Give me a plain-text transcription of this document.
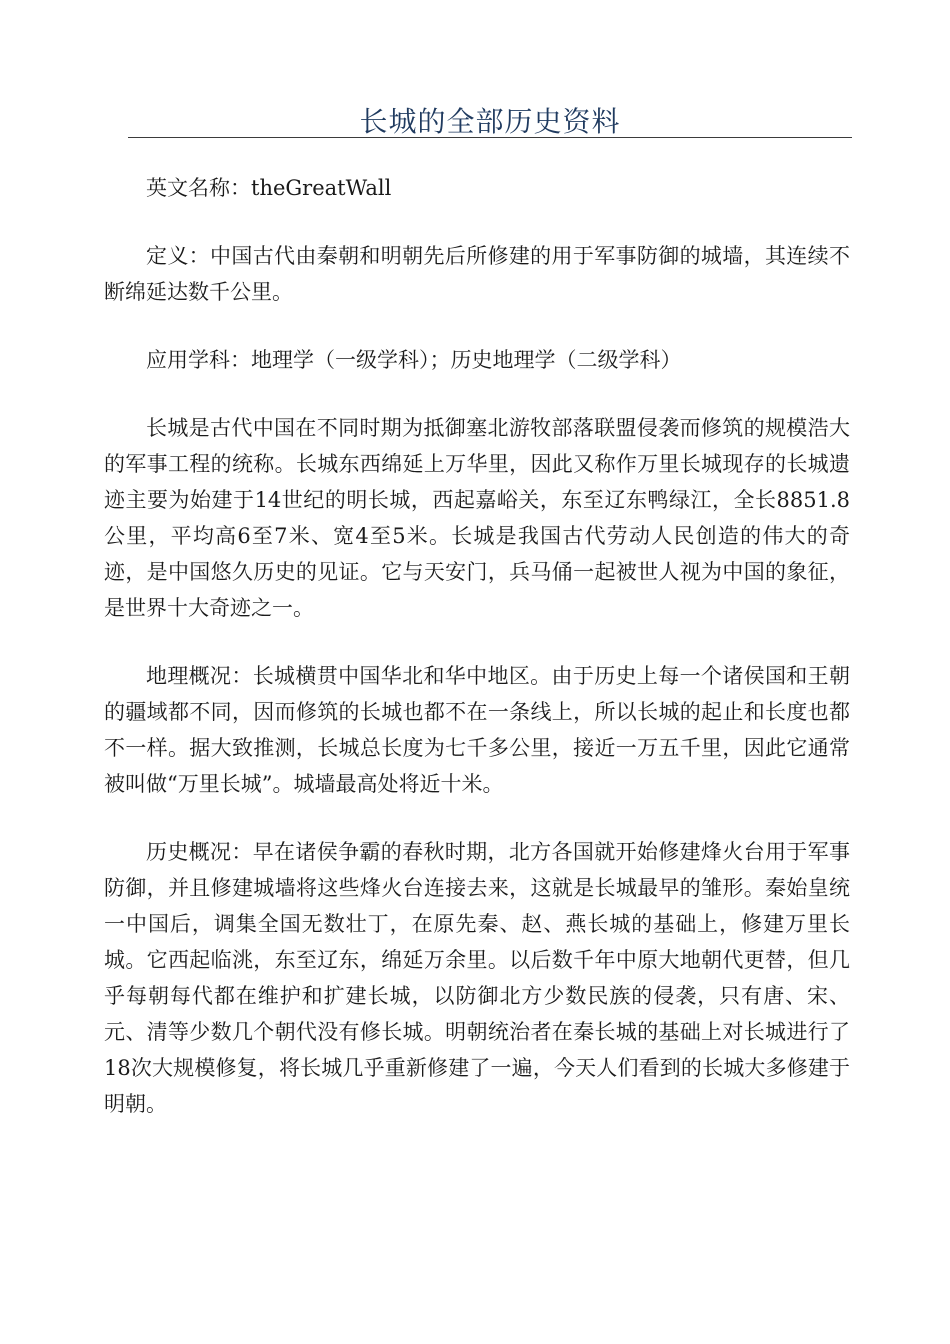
长城的全部历史资料

英文名称：theGreatWall

定义：中国古代由秦朝和明朝先后所修建的用于军事防御的城墙，其连续不断绵延达数千公里。

应用学科：地理学（一级学科）；历史地理学（二级学科）

长城是古代中国在不同时期为抵御塞北游牧部落联盟侵袭而修筑的规模浩大的军事工程的统称。长城东西绵延上万华里，因此又称作万里长城现存的长城遗迹主要为始建于14世纪的明长城，西起嘉峪关，东至辽东鸭绿江，全长8851.8公里，平均高6至7米、宽4至5米。长城是我国古代劳动人民创造的伟大的奇迹，是中国悠久历史的见证。它与天安门，兵马俑一起被世人视为中国的象征，是世界十大奇迹之一。

地理概况：长城横贯中国华北和华中地区。由于历史上每一个诸侯国和王朝的疆域都不同，因而修筑的长城也都不在一条线上，所以长城的起止和长度也都不一样。据大致推测，长城总长度为七千多公里，接近一万五千里，因此它通常被叫做“万里长城”。城墙最高处将近十米。

历史概况：早在诸侯争霸的春秋时期，北方各国就开始修建烽火台用于军事防御，并且修建城墙将这些烽火台连接去来，这就是长城最早的雏形。秦始皇统一中国后，调集全国无数壮丁，在原先秦、赵、燕长城的基础上，修建万里长城。它西起临洮，东至辽东，绵延万余里。以后数千年中原大地朝代更替，但几乎每朝每代都在维护和扩建长城，以防御北方少数民族的侵袭，只有唐、宋、元、清等少数几个朝代没有修长城。明朝统治者在秦长城的基础上对长城进行了18次大规模修复，将长城几乎重新修建了一遍，今天人们看到的长城大多修建于明朝。
